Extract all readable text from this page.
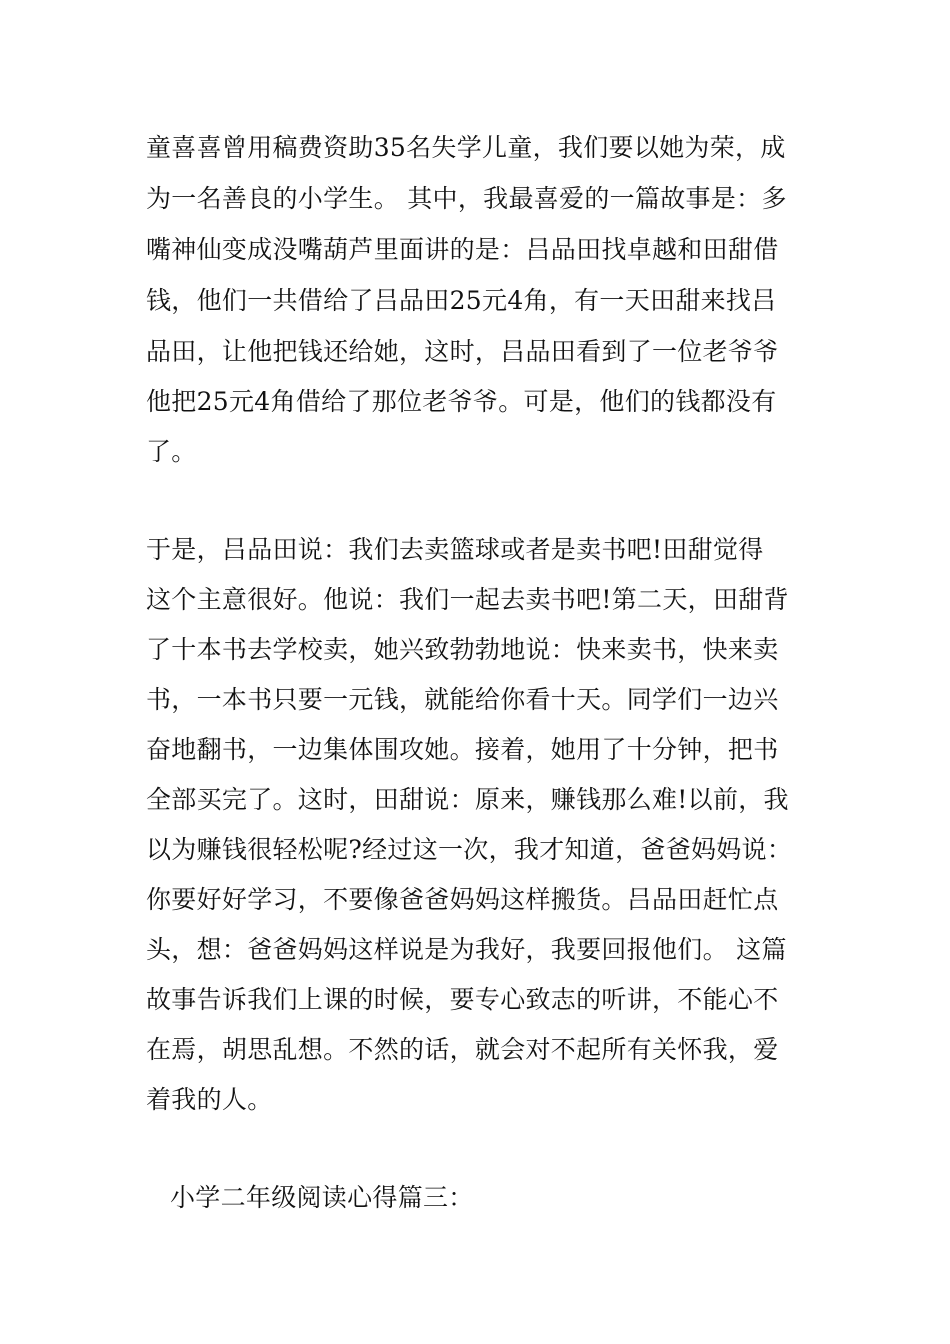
童喜喜曾用稿费资助35名失学儿童，我们要以她为荣，成
为一名善良的小学生。 其中，我最喜爱的一篇故事是：多
嘴神仙变成没嘴葫芦里面讲的是：吕品田找卓越和田甜借
钱，他们一共借给了吕品田25元4角，有一天田甜来找吕
品田，让他把钱还给她，这时，吕品田看到了一位老爷爷
他把25元4角借给了那位老爷爷。可是，他们的钱都没有
了。
于是，吕品田说：我们去卖篮球或者是卖书吧!田甜觉得
这个主意很好。他说：我们一起去卖书吧!第二天，田甜背
了十本书去学校卖，她兴致勃勃地说：快来卖书，快来卖
书，一本书只要一元钱，就能给你看十天。同学们一边兴
奋地翻书，一边集体围攻她。接着，她用了十分钟，把书
全部买完了。这时，田甜说：原来，赚钱那么难!以前，我
以为赚钱很轻松呢?经过这一次，我才知道，爸爸妈妈说：
你要好好学习，不要像爸爸妈妈这样搬货。吕品田赶忙点
头，想：爸爸妈妈这样说是为我好，我要回报他们。 这篇
故事告诉我们上课的时候，要专心致志的听讲，不能心不
在焉，胡思乱想。不然的话，就会对不起所有关怀我，爱
着我的人。
小学二年级阅读心得篇三：
